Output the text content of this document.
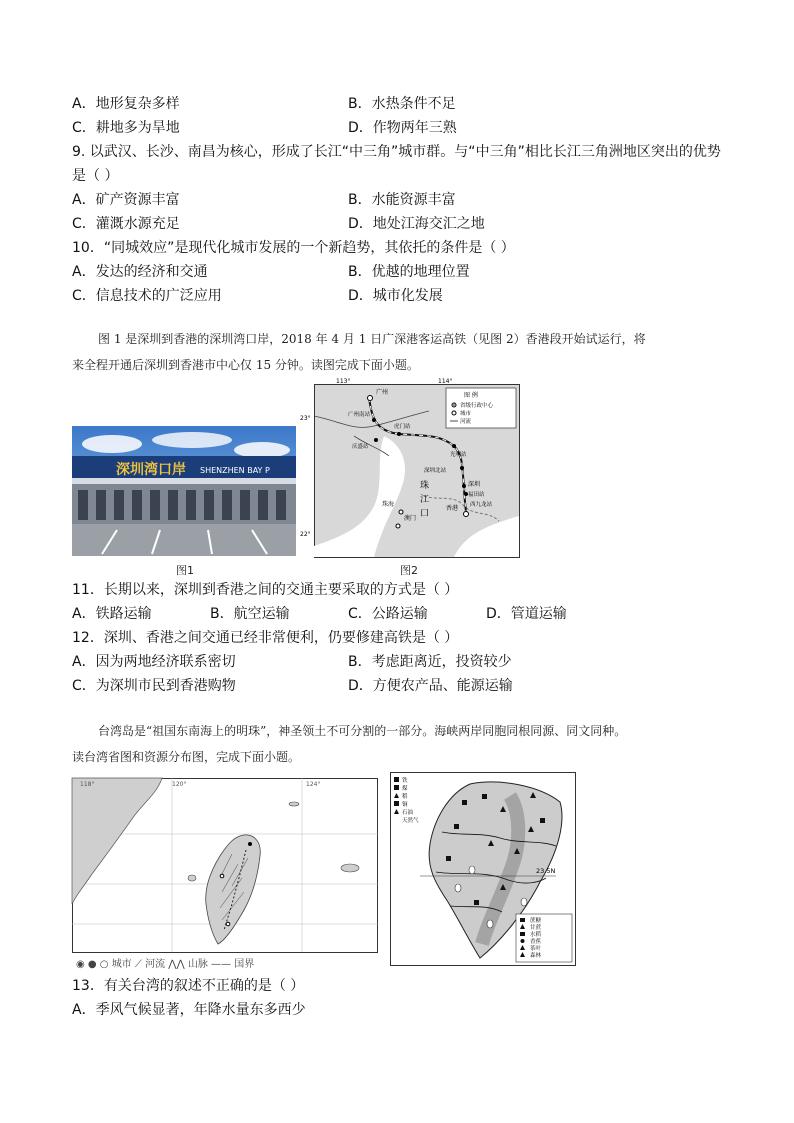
A．地形复杂多样	B．水热条件不足
C．耕地多为旱地	D．作物两年三熟
9. 以武汉、长沙、南昌为核心，形成了长江“中三角”城市群。与“中三角”相比长江三角洲地区突出的优势
是（ ）
A．矿产资源丰富	B．水能资源丰富
C．灌溉水源充足	D．地处江海交汇之地
10．“同城效应”是现代化城市发展的一个新趋势，其依托的条件是（ ）
A．发达的经济和交通	B．优越的地理位置
C．信息技术的广泛应用	D．城市化发展
图 1 是深圳到香港的深圳湾口岸，2018 年 4 月 1 日广深港客运高铁（见图 2）香港段开始试运行，将
来全程开通后深圳到香港市中心仅 15 分钟。读图完成下面小题。
深圳湾口岸 SHENZHEN BAY P
图1
图 例
省级行政中心
城市
河流
113°	114°
23°
22°
广州
广州南站
虎门站
庆盛站
光明站
深圳北站
深圳
福田站
珠
江
口
珠海
澳门
香港 西九龙站
图2
11．长期以来，深圳到香港之间的交通主要采取的方式是（ ）
A．铁路运输	B．航空运输	C．公路运输	D．管道运输
12．深圳、香港之间交通已经非常便利，仍要修建高铁是（ ）
A．因为两地经济联系密切	B．考虑距离近，投资较少
C．为深圳市民到香港购物	D．方便农产品、能源运输
台湾岛是“祖国东南海上的明珠”，神圣领土不可分割的一部分。海峡两岸同胞同根同源、同文同种。
读台湾省图和资源分布图，完成下面小题。
118°	120°	124°
◉ ● ○ 城市 ⟋ 河流 ⋀⋀ 山脉 —— 国界
铁
煤
稻
铜
石油
天然气
23.5N
蔗糖
甘蔗
水稻
香蕉
茶叶
森林
13．有关台湾的叙述不正确的是（ ）
A．季风气候显著，年降水量东多西少
